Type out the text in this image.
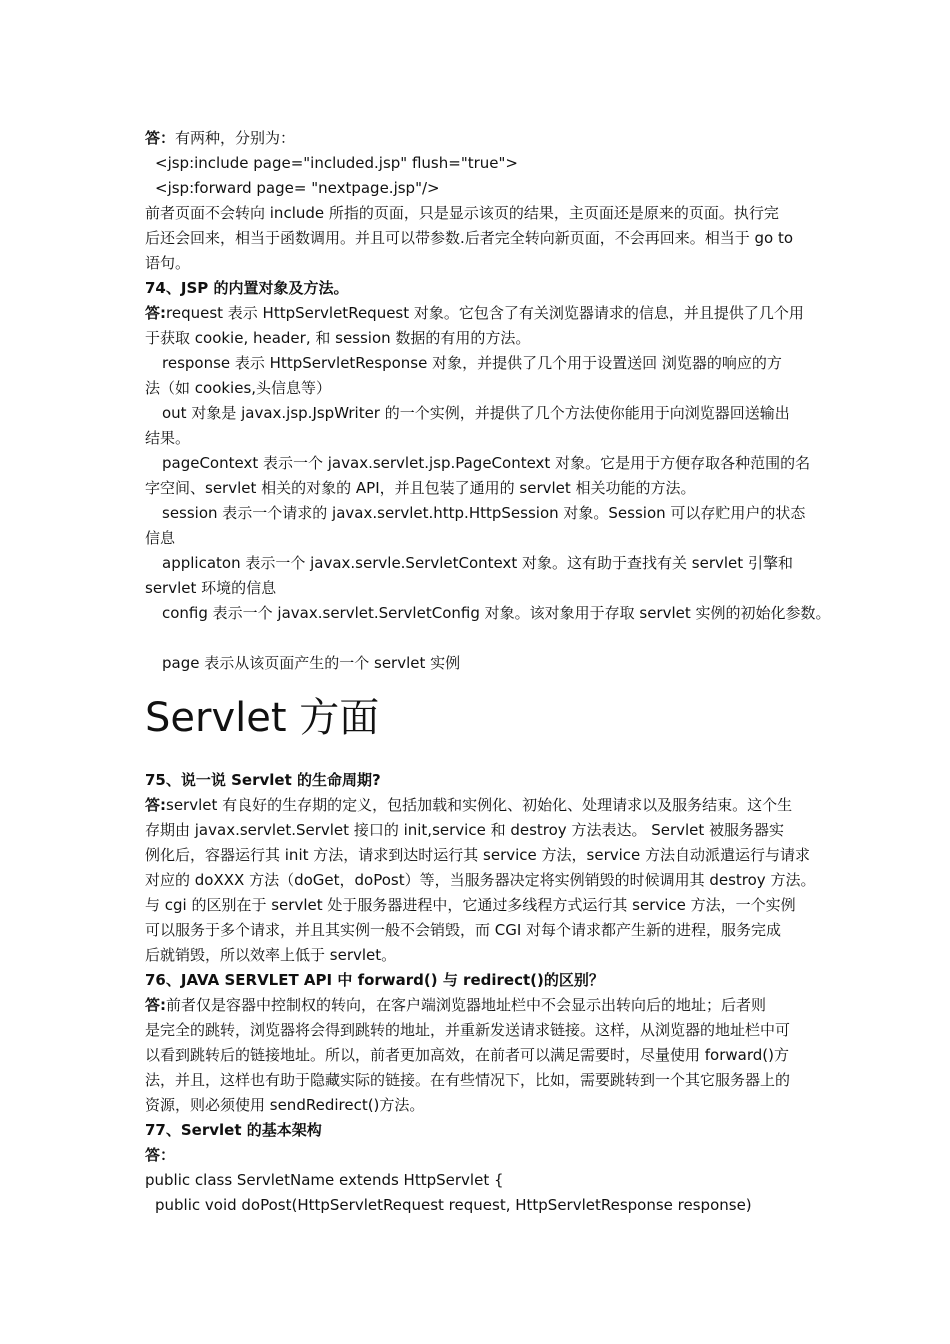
答：有两种，分别为：
<jsp:include page="included.jsp" flush="true">
<jsp:forward page= "nextpage.jsp"/>
前者页面不会转向 include 所指的页面，只是显示该页的结果，主页面还是原来的页面。执行完
后还会回来，相当于函数调用。并且可以带参数.后者完全转向新页面，不会再回来。相当于 go to
语句。
74、JSP 的内置对象及方法。
答:request 表示 HttpServletRequest 对象。它包含了有关浏览器请求的信息，并且提供了几个用
于获取 cookie, header, 和 session 数据的有用的方法。
response 表示 HttpServletResponse 对象，并提供了几个用于设置送回 浏览器的响应的方
法（如 cookies,头信息等）
out 对象是 javax.jsp.JspWriter 的一个实例，并提供了几个方法使你能用于向浏览器回送输出
结果。
pageContext 表示一个 javax.servlet.jsp.PageContext 对象。它是用于方便存取各种范围的名
字空间、servlet 相关的对象的 API，并且包装了通用的 servlet 相关功能的方法。
session 表示一个请求的 javax.servlet.http.HttpSession 对象。Session 可以存贮用户的状态
信息
applicaton 表示一个 javax.servle.ServletContext 对象。这有助于查找有关 servlet 引擎和
servlet 环境的信息
config 表示一个 javax.servlet.ServletConfig 对象。该对象用于存取 servlet 实例的初始化参数。
page 表示从该页面产生的一个 servlet 实例
Servlet 方面
75、说一说 Servlet 的生命周期?
答:servlet 有良好的生存期的定义，包括加载和实例化、初始化、处理请求以及服务结束。这个生
存期由 javax.servlet.Servlet 接口的 init,service 和 destroy 方法表达。 Servlet 被服务器实
例化后，容器运行其 init 方法，请求到达时运行其 service 方法，service 方法自动派遣运行与请求
对应的 doXXX 方法（doGet，doPost）等，当服务器决定将实例销毁的时候调用其 destroy 方法。
与 cgi 的区别在于 servlet 处于服务器进程中，它通过多线程方式运行其 service 方法，一个实例
可以服务于多个请求，并且其实例一般不会销毁，而 CGI 对每个请求都产生新的进程，服务完成
后就销毁，所以效率上低于 servlet。
76、JAVA SERVLET API 中 forward() 与 redirect()的区别？
答:前者仅是容器中控制权的转向，在客户端浏览器地址栏中不会显示出转向后的地址；后者则
是完全的跳转，浏览器将会得到跳转的地址，并重新发送请求链接。这样，从浏览器的地址栏中可
以看到跳转后的链接地址。所以，前者更加高效，在前者可以满足需要时，尽量使用 forward()方
法，并且，这样也有助于隐藏实际的链接。在有些情况下，比如，需要跳转到一个其它服务器上的
资源，则必须使用 sendRedirect()方法。
77、Servlet 的基本架构
答：
public class ServletName extends HttpServlet {
public void doPost(HttpServletRequest request, HttpServletResponse response)
